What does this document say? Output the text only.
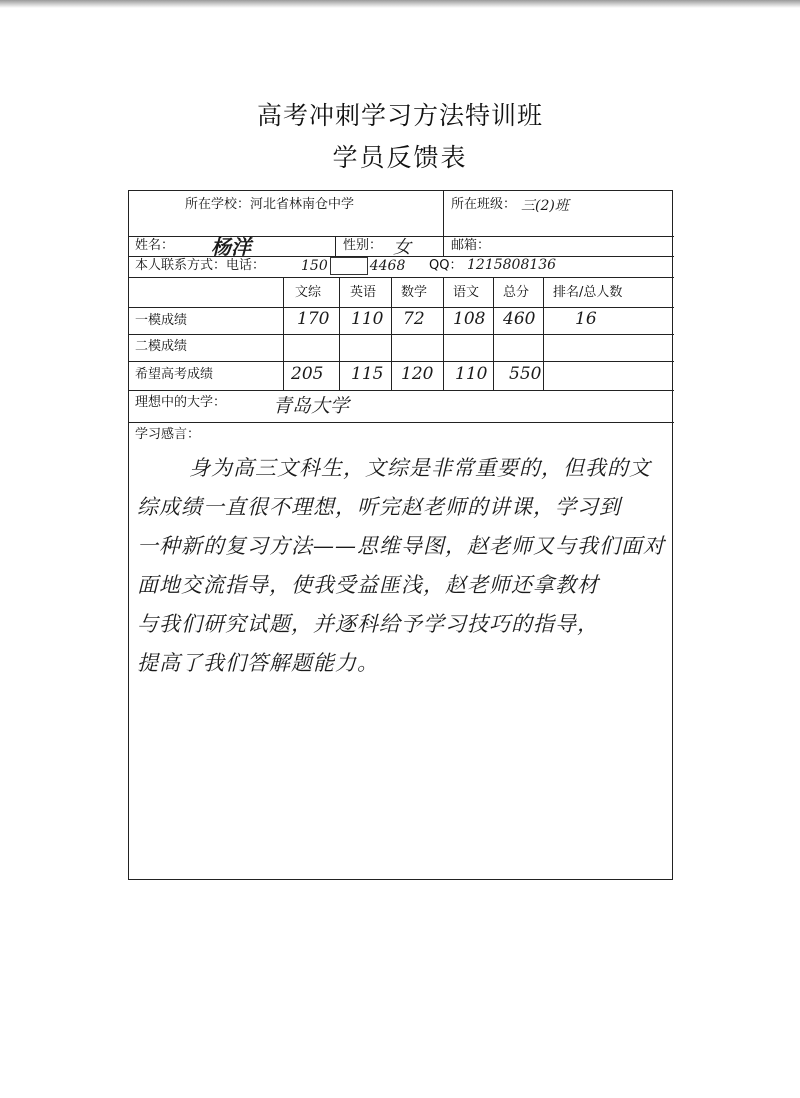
高考冲刺学习方法特训班
学员反馈表
所在学校： 河北省林南仓中学	所在班级： 三(2)班
姓名： 杨洋	性别： 女	邮箱：
本人联系方式：电话：	150	4468 QQ： 1215808136
文综 英语 数学 语文 总分 排名/总人数
一模成绩	170 110 72 108 460 16
二模成绩
希望高考成绩	205 115 120 110 550
理想中的大学： 青岛大学
学习感言：
身为高三文科生，文综是非常重要的，但我的文
综成绩一直很不理想，听完赵老师的讲课，学习到
一种新的复习方法——思维导图，赵老师又与我们面对
面地交流指导，使我受益匪浅，赵老师还拿教材
与我们研究试题，并逐科给予学习技巧的指导，
提高了我们答解题能力。
